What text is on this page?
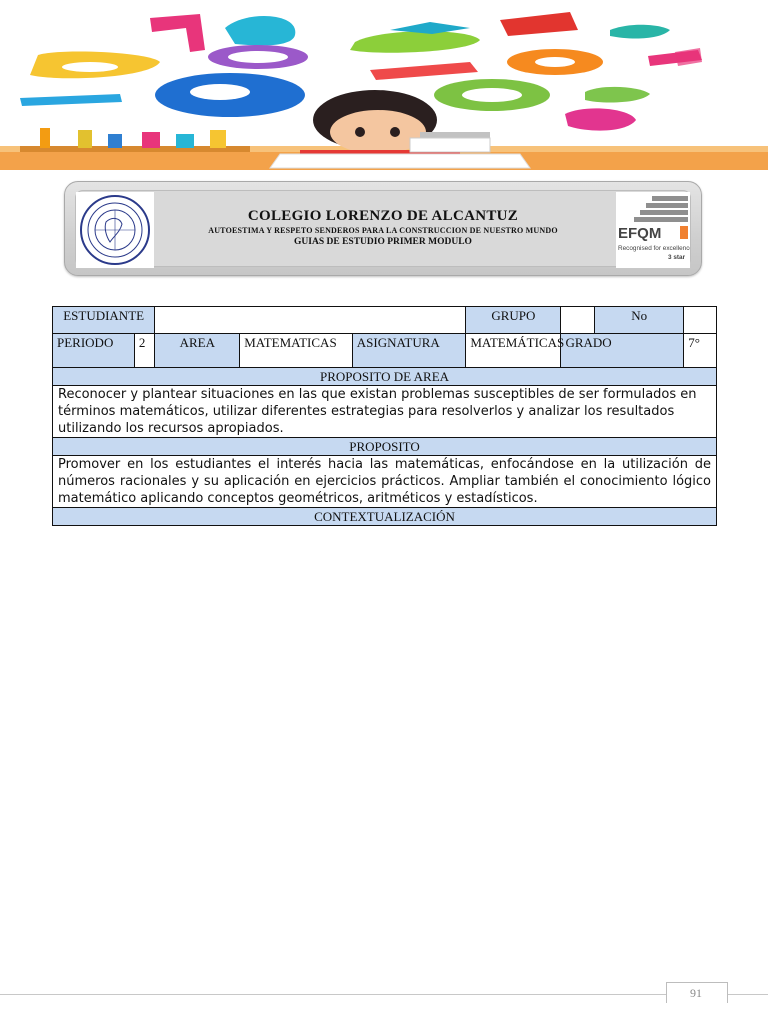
EFQM
Recognised for excellence
3 star
COLEGIO LORENZO DE ALCANTUZ
AUTOESTIMA Y RESPETO SENDEROS PARA LA CONSTRUCCION DE NUESTRO MUNDO
GUIAS DE ESTUDIO PRIMER MODULO
ESTUDIANTE					GRUPO		No	
PERIODO	2	AREA	MATEMATICAS	ASIGNATURA	MATEMÁTICAS	GRADO		7°
PROPOSITO DE AREA								
Reconocer y plantear situaciones en las que existan problemas susceptibles de ser formulados en términos matemáticos, utilizar diferentes estrategias para resolverlos y analizar los resultados utilizando los recursos apropiados.								
PROPOSITO								
Promover en los estudiantes el interés hacia las matemáticas, enfocándose en la utilización de números racionales y su aplicación en ejercicios prácticos. Ampliar también el conocimiento lógico matemático aplicando conceptos geométricos, aritméticos y estadísticos.								
CONTEXTUALIZACIÓN								
91
